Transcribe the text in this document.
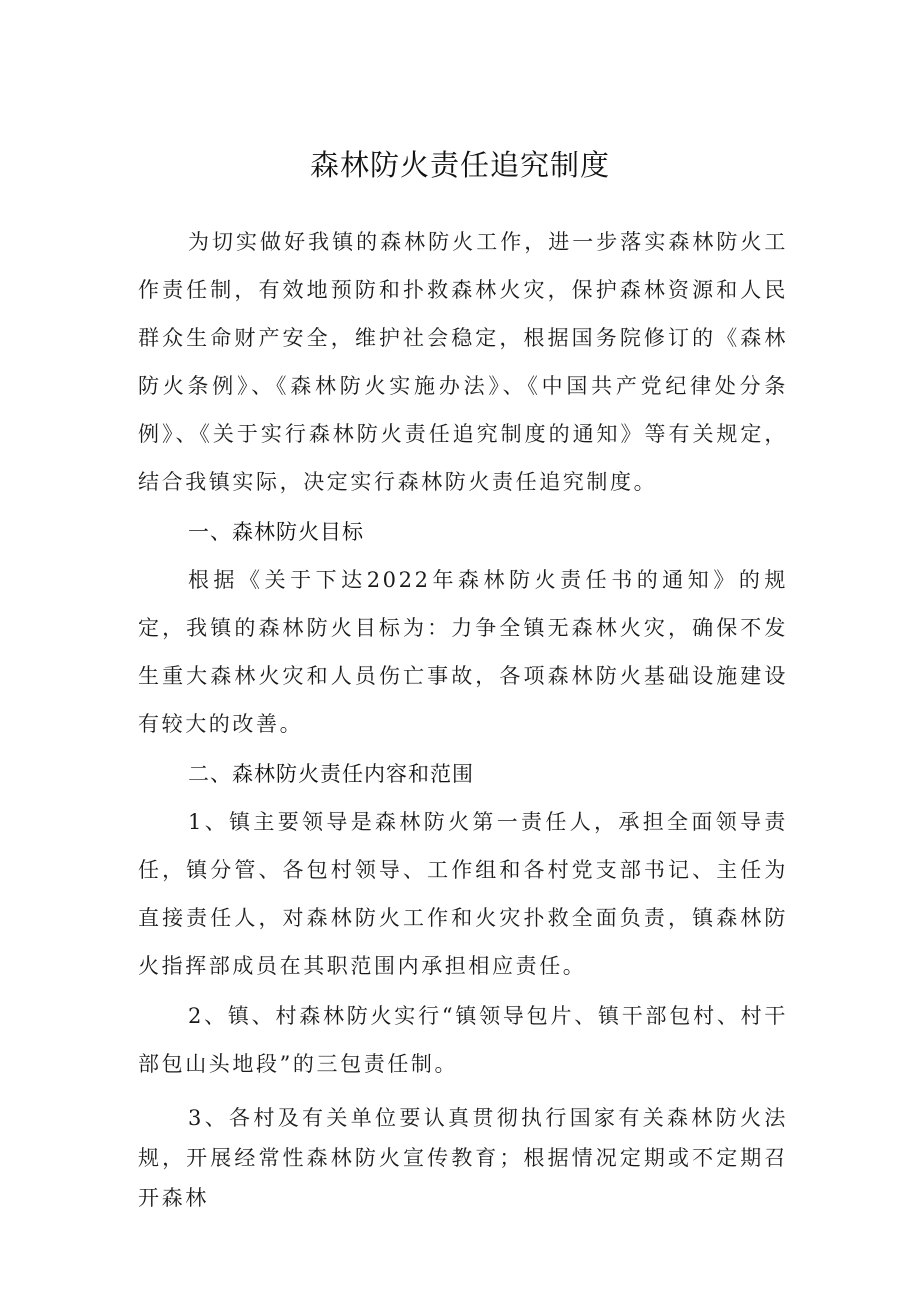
森林防火责任追究制度

为切实做好我镇的森林防火工作，进一步落实森林防火工作责任制，有效地预防和扑救森林火灾，保护森林资源和人民群众生命财产安全，维护社会稳定，根据国务院修订的《森林防火条例》、《森林防火实施办法》、《中国共产党纪律处分条例》、《关于实行森林防火责任追究制度的通知》等有关规定，结合我镇实际，决定实行森林防火责任追究制度。

一、森林防火目标

根据《关于下达2022年森林防火责任书的通知》的规定，我镇的森林防火目标为：力争全镇无森林火灾，确保不发生重大森林火灾和人员伤亡事故，各项森林防火基础设施建设有较大的改善。

二、森林防火责任内容和范围

1、镇主要领导是森林防火第一责任人，承担全面领导责任，镇分管、各包村领导、工作组和各村党支部书记、主任为直接责任人，对森林防火工作和火灾扑救全面负责，镇森林防火指挥部成员在其职范围内承担相应责任。

2、镇、村森林防火实行“镇领导包片、镇干部包村、村干部包山头地段”的三包责任制。

3、各村及有关单位要认真贯彻执行国家有关森林防火法规，开展经常性森林防火宣传教育；根据情况定期或不定期召开森林
